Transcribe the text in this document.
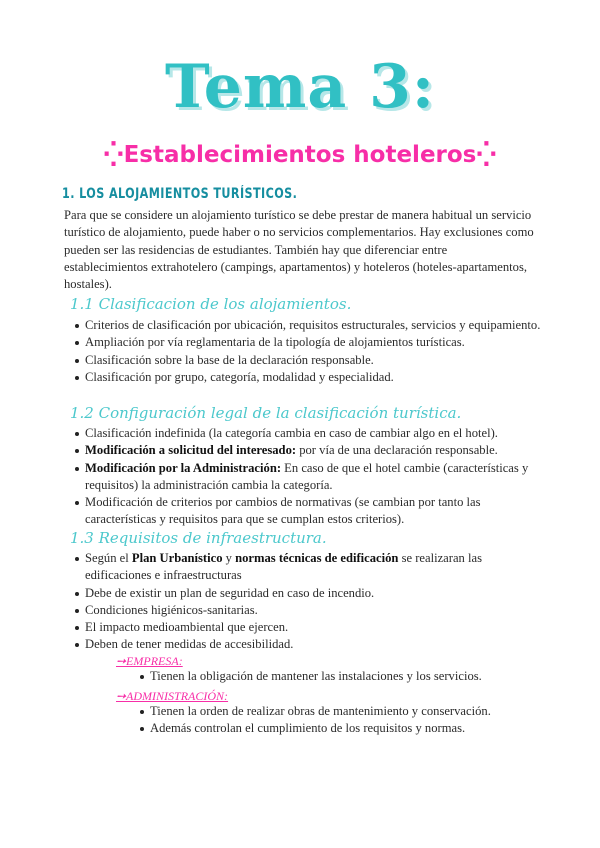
Tema 3:
⁛Establecimientos hoteleros⁛
1. LOS ALOJAMIENTOS TURÍSTICOS.
Para que se considere un alojamiento turístico se debe prestar de manera habitual un servicio turístico de alojamiento, puede haber o no servicios complementarios. Hay exclusiones como pueden ser las residencias de estudiantes. También hay que diferenciar entre establecimientos extrahotelero (campings, apartamentos) y hoteleros (hoteles-apartamentos, hostales).
1.1 Clasificacion de los alojamientos.
Criterios de clasificación por ubicación, requisitos estructurales, servicios y equipamiento.
Ampliación por vía reglamentaria de la tipología de alojamientos turísticas.
Clasificación sobre la base de la declaración responsable.
Clasificación por grupo, categoría, modalidad y especialidad.
1.2 Configuración legal de la clasificación turística.
Clasificación indefinida (la categoría cambia en caso de cambiar algo en el hotel).
Modificación a solicitud del interesado: por vía de una declaración responsable.
Modificación por la Administración: En caso de que el hotel cambie (características y requisitos) la administración cambia la categoría.
Modificación de criterios por cambios de normativas (se cambian por tanto las características y requisitos para que se cumplan estos criterios).
1.3 Requisitos de infraestructura.
Según el Plan Urbanístico y normas técnicas de edificación se realizaran las edificaciones e infraestructuras
Debe de existir un plan de seguridad en caso de incendio.
Condiciones higiénicos-sanitarias.
El impacto medioambiental que ejercen.
Deben de tener medidas de accesibilidad.
➙EMPRESA:
Tienen la obligación de mantener las instalaciones y los servicios.
➙ADMINISTRACIÓN:
Tienen la orden de realizar obras de mantenimiento y conservación.
Además controlan el cumplimiento de los requisitos y normas.
